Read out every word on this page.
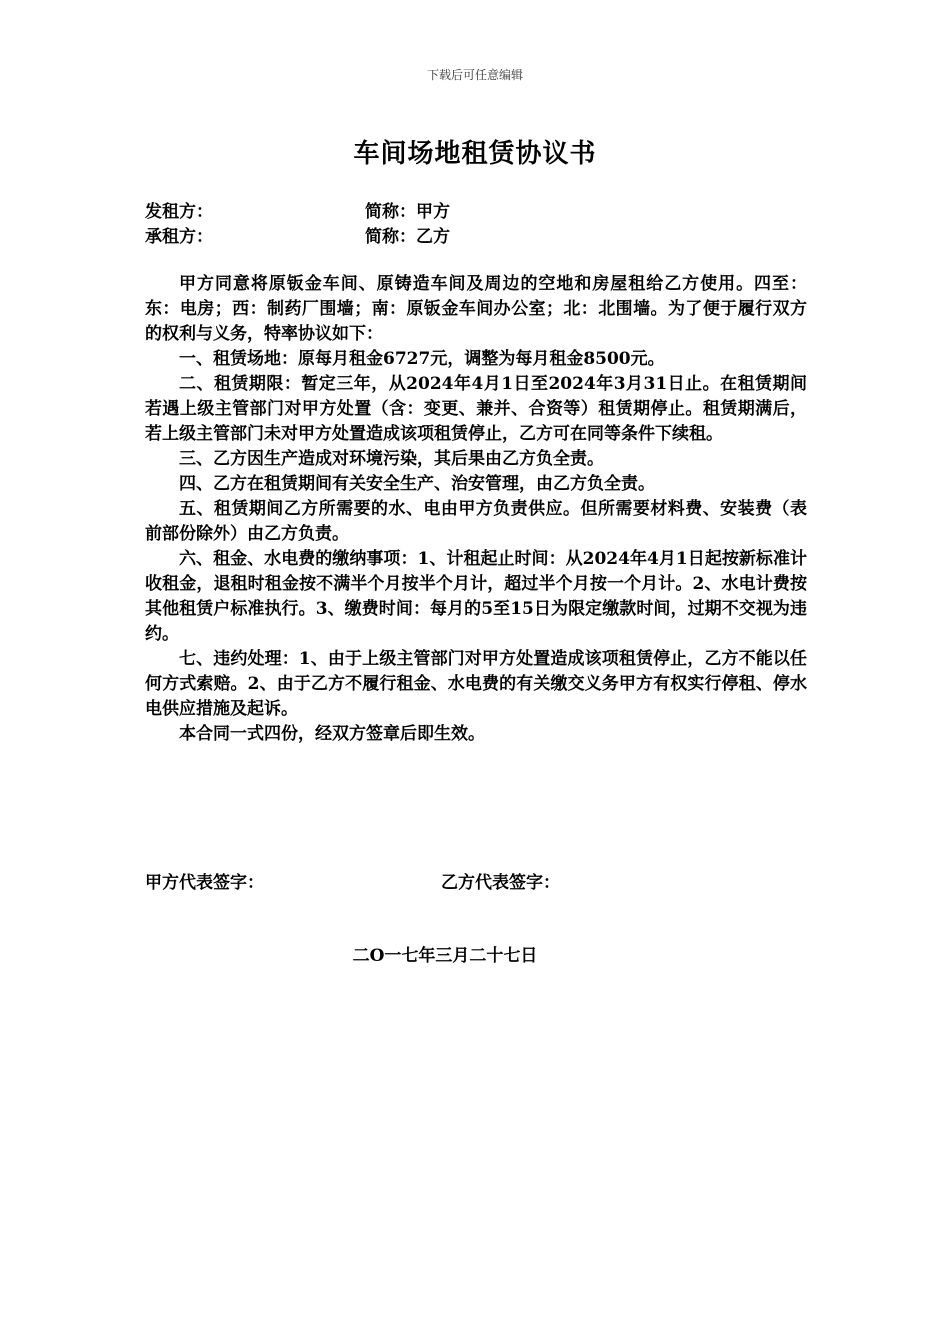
下载后可任意编辑
车间场地租赁协议书
发租方：	简称：甲方
承租方：	简称：乙方

甲方同意将原钣金车间、原铸造车间及周边的空地和房屋租给乙方使用。四至：东：电房；西：制药厂围墙；南：原钣金车间办公室；北：北围墙。为了便于履行双方的权利与义务，特率协议如下：

一、租赁场地：原每月租金6727元，调整为每月租金8500元。

二、租赁期限：暂定三年，从2024年4月1日至2024年3月31日止。在租赁期间若遇上级主管部门对甲方处置（含：变更、兼并、合资等）租赁期停止。租赁期满后，若上级主管部门未对甲方处置造成该项租赁停止，乙方可在同等条件下续租。

三、乙方因生产造成对环境污染，其后果由乙方负全责。

四、乙方在租赁期间有关安全生产、治安管理，由乙方负全责。

五、租赁期间乙方所需要的水、电由甲方负责供应。但所需要材料费、安装费（表前部份除外）由乙方负责。

六、租金、水电费的缴纳事项：1、计租起止时间：从2024年4月1日起按新标准计收租金，退租时租金按不满半个月按半个月计，超过半个月按一个月计。2、水电计费按其他租赁户标准执行。3、缴费时间：每月的5至15日为限定缴款时间，过期不交视为违约。

七、违约处理：1、由于上级主管部门对甲方处置造成该项租赁停止，乙方不能以任何方式索赔。2、由于乙方不履行租金、水电费的有关缴交义务甲方有权实行停租、停水电供应措施及起诉。

本合同一式四份，经双方签章后即生效。

甲方代表签字：	乙方代表签字：
二O一七年三月二十七日
